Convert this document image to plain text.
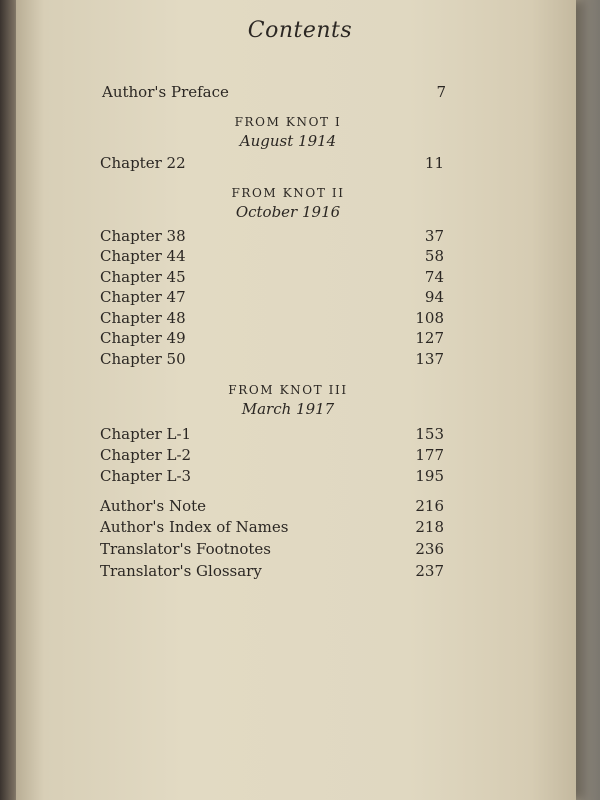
Contents
Author's Preface	7
FROM KNOT I
August 1914
Chapter 22	11
FROM KNOT II
October 1916
Chapter 38	37
Chapter 44	58
Chapter 45	74
Chapter 47	94
Chapter 48	108
Chapter 49	127
Chapter 50	137
FROM KNOT III
March 1917
Chapter L-1	153
Chapter L-2	177
Chapter L-3	195
Author's Note	216
Author's Index of Names	218
Translator's Footnotes	236
Translator's Glossary	237
